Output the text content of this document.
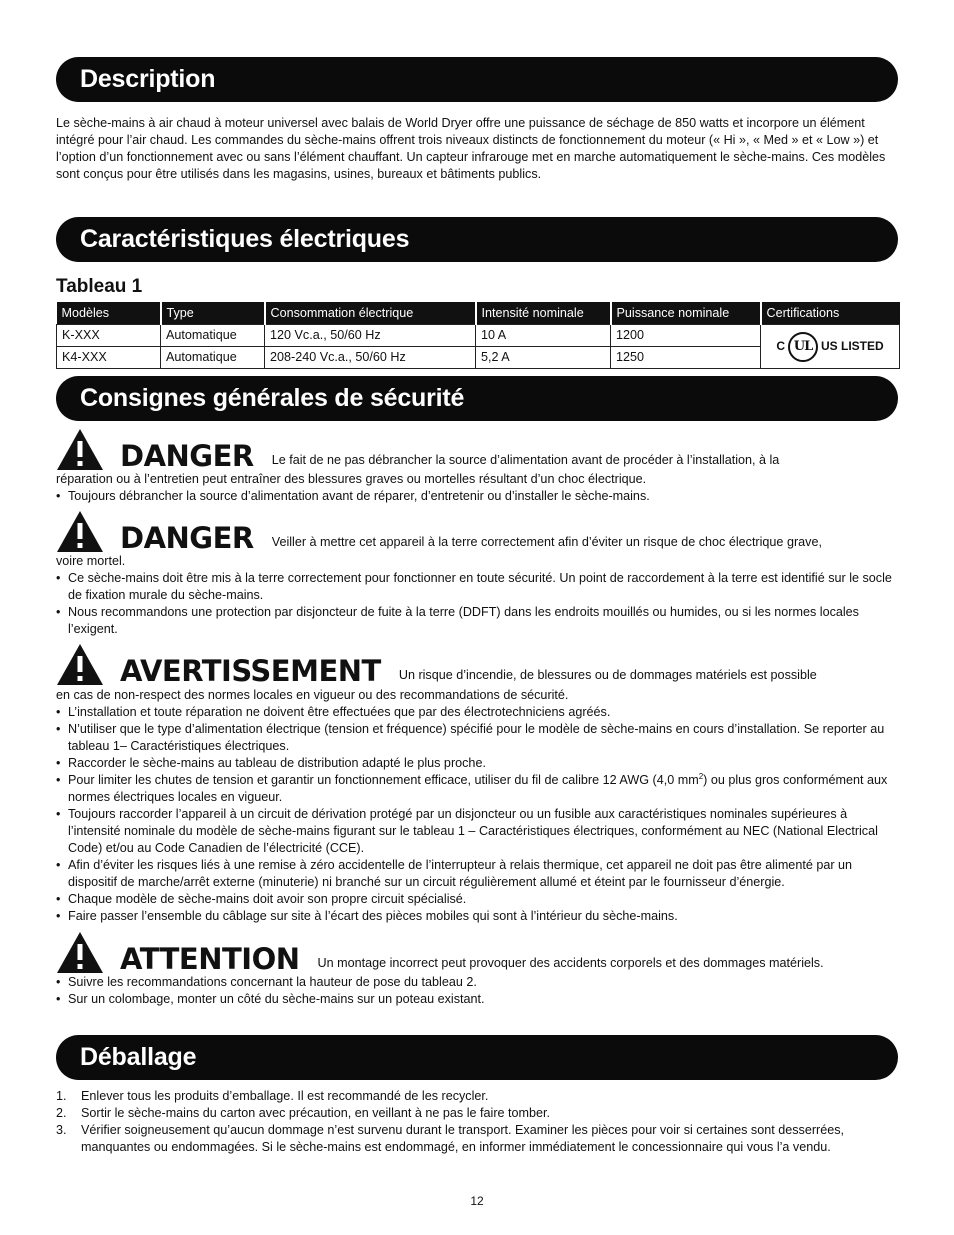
Description

Le sèche-mains à air chaud à moteur universel avec balais de World Dryer offre une puissance de séchage de 850 watts et incorpore un élément intégré pour l’air chaud. Les commandes du sèche-mains offrent trois niveaux distincts de fonctionnement du moteur (« Hi », « Med » et « Low ») et l’option d’un fonctionnement avec ou sans l’élément chauffant. Un capteur infrarouge met en marche automatiquement le sèche-mains. Ces modèles sont conçus pour être utilisés dans les magasins, usines, bureaux et bâtiments publics.

Caractéristiques électriques
Tableau 1
Modèles	Type	Consommation électrique	Intensité nominale	Puissance nominale	Certifications
K-XXX	Automatique	120 Vc.a., 50/60 Hz	10 A	1200	C UL US LISTED

K4-XXX	Automatique	208-240 Vc.a., 50/60 Hz	5,2 A	1250	
Consignes générales de sécurité
DANGER Le fait de ne pas débrancher la source d’alimentation avant de procéder à l’installation, à la
réparation ou à l’entretien peut entraîner des blessures graves ou mortelles résultant d’un choc électrique.
• Toujours débrancher la source d’alimentation avant de réparer, d’entretenir ou d’installer le sèche-mains.
DANGER Veiller à mettre cet appareil à la terre correctement afin d’éviter un risque de choc électrique grave,
voire mortel.
• Ce sèche-mains doit être mis à la terre correctement pour fonctionner en toute sécurité. Un point de raccordement à la terre est identifié sur le socle de fixation murale du sèche-mains.
• Nous recommandons une protection par disjoncteur de fuite à la terre (DDFT) dans les endroits mouillés ou humides, ou si les normes locales l’exigent.
AVERTISSEMENT Un risque d’incendie, de blessures ou de dommages matériels est possible
en cas de non-respect des normes locales en vigueur ou des recommandations de sécurité.
• L’installation et toute réparation ne doivent être effectuées que par des électrotechniciens agréés.
• N’utiliser que le type d’alimentation électrique (tension et fréquence) spécifié pour le modèle de sèche-mains en cours d’installation. Se reporter au tableau 1– Caractéristiques électriques.
• Raccorder le sèche-mains au tableau de distribution adapté le plus proche.
• Pour limiter les chutes de tension et garantir un fonctionnement efficace, utiliser du fil de calibre 12 AWG (4,0 $mm^2$) ou plus gros conformément aux normes électriques locales en vigueur.
• Toujours raccorder l’appareil à un circuit de dérivation protégé par un disjoncteur ou un fusible aux caractéristiques nominales supérieures à l’intensité nominale du modèle de sèche-mains figurant sur le tableau 1 – Caractéristiques électriques, conformément au NEC (National Electrical Code) et/ou au Code Canadien de l’électricité (CCE).
• Afin d’éviter les risques liés à une remise à zéro accidentelle de l’interrupteur à relais thermique, cet appareil ne doit pas être alimenté par un dispositif de marche/arrêt externe (minuterie) ni branché sur un circuit régulièrement allumé et éteint par le fournisseur d’énergie.
• Chaque modèle de sèche-mains doit avoir son propre circuit spécialisé.
• Faire passer l’ensemble du câblage sur site à l’écart des pièces mobiles qui sont à l’intérieur du sèche-mains.
ATTENTION Un montage incorrect peut provoquer des accidents corporels et des dommages matériels.
• Suivre les recommandations concernant la hauteur de pose du tableau 2.
• Sur un colombage, monter un côté du sèche-mains sur un poteau existant.
Déballage
1. Enlever tous les produits d’emballage. Il est recommandé de les recycler.
2. Sortir le sèche-mains du carton avec précaution, en veillant à ne pas le faire tomber.
3. Vérifier soigneusement qu’aucun dommage n’est survenu durant le transport. Examiner les pièces pour voir si certaines sont desserrées, manquantes ou endommagées. Si le sèche-mains est endommagé, en informer immédiatement le concessionnaire qui vous l’a vendu.
12
